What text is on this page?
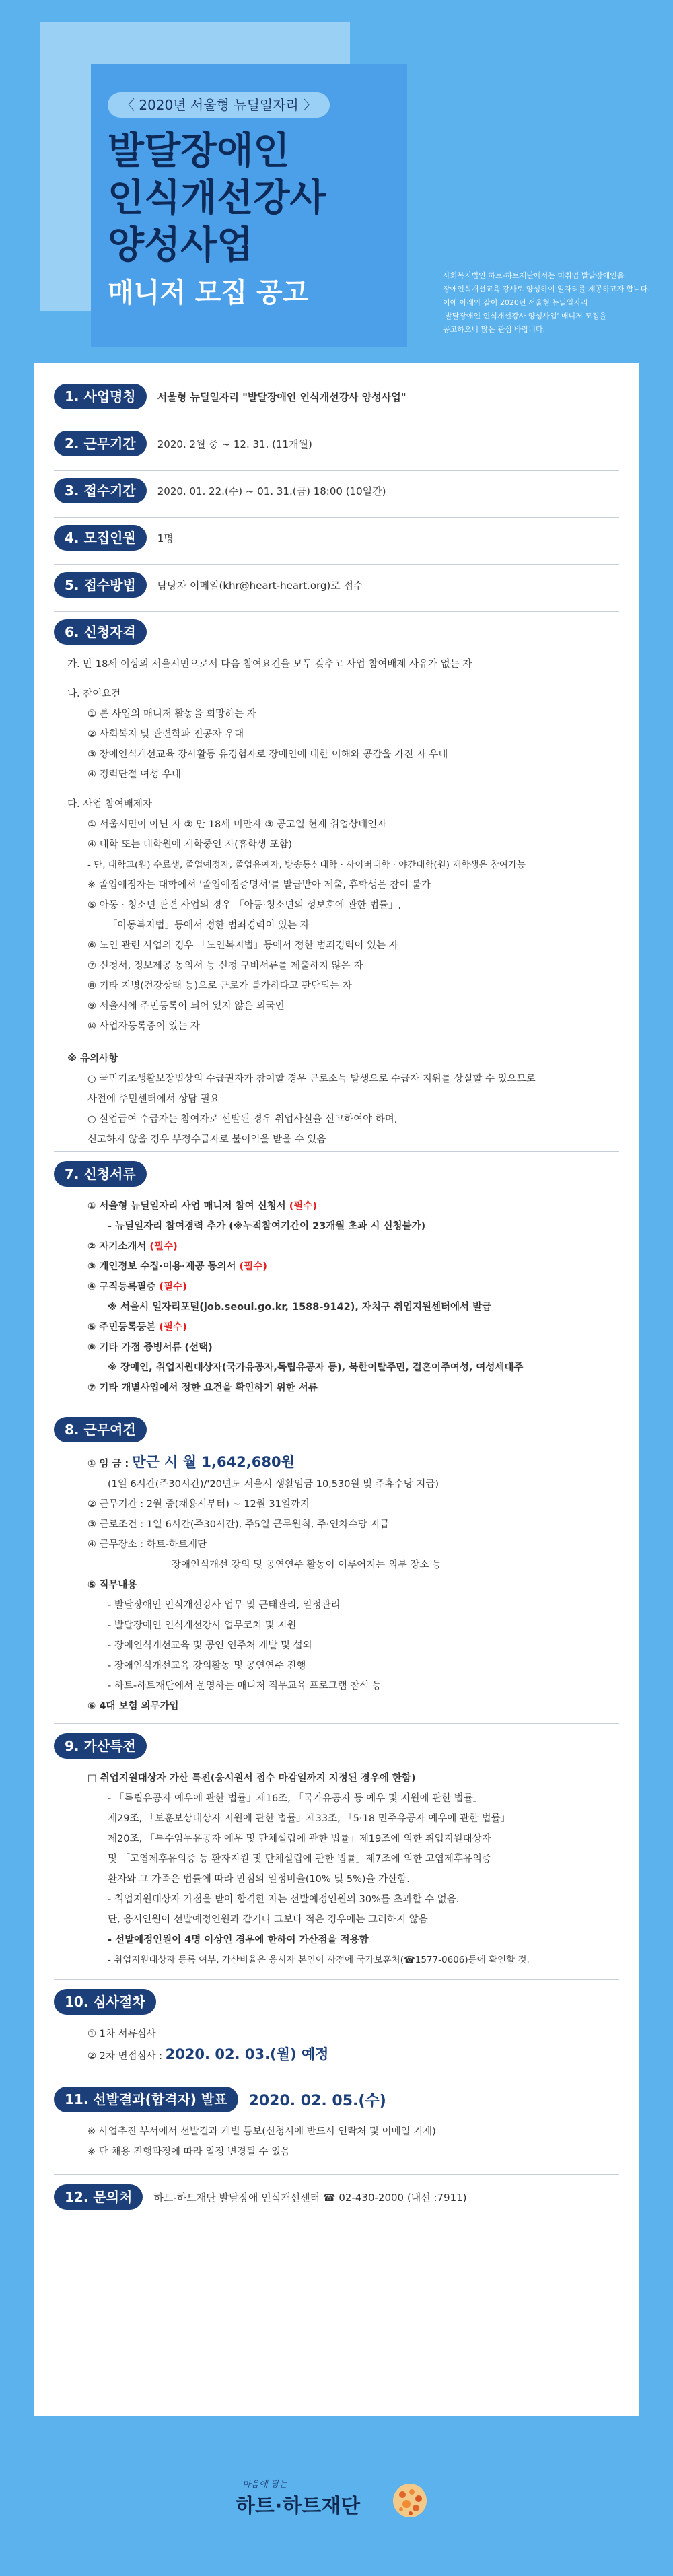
〈 2020년 서울형 뉴딜일자리 〉
발달장애인
인식개선강사
양성사업
매니저 모집 공고
사회복지법인 하트-하트재단에서는 미취업 발달장애인을
장애인식개선교육 강사로 양성하여 일자리를 제공하고자 합니다.
이에 아래와 같이 2020년 서울형 뉴딜일자리
'발달장애인 인식개선강사 양성사업' 매니저 모집을
공고하오니 많은 관심 바랍니다.
1. 사업명칭 서울형 뉴딜일자리 "발달장애인 인식개선강사 양성사업"
2. 근무기간 2020. 2월 중 ~ 12. 31. (11개월)
3. 접수기간 2020. 01. 22.(수) ~ 01. 31.(금) 18:00 (10일간)
4. 모집인원 1명
5. 접수방법 담당자 이메일(khr@heart-heart.org)로 접수
6. 신청자격
가. 만 18세 이상의 서울시민으로서 다음 참여요건을 모두 갖추고 사업 참여배제 사유가 없는 자
나. 참여요건
① 본 사업의 매니저 활동을 희망하는 자
② 사회복지 및 관련학과 전공자 우대
③ 장애인식개선교육 강사활동 유경험자로 장애인에 대한 이해와 공감을 가진 자 우대
④ 경력단절 여성 우대
다. 사업 참여배제자
① 서울시민이 아닌 자 ② 만 18세 미만자 ③ 공고일 현재 취업상태인자
④ 대학 또는 대학원에 재학중인 자(휴학생 포함)
- 단, 대학교(원) 수료생, 졸업예정자, 졸업유예자, 방송통신대학 · 사이버대학 · 야간대학(원) 재학생은 참여가능
※ 졸업예정자는 대학에서 '졸업예정증명서'를 발급받아 제출, 휴학생은 참여 불가
⑤ 아동 · 청소년 관련 사업의 경우 「아동·청소년의 성보호에 관한 법률」,
「아동복지법」등에서 정한 범죄경력이 있는 자
⑥ 노인 관련 사업의 경우 「노인복지법」등에서 정한 범죄경력이 있는 자
⑦ 신청서, 정보제공 동의서 등 신청 구비서류를 제출하지 않은 자
⑧ 기타 지병(건강상태 등)으로 근로가 불가하다고 판단되는 자
⑨ 서울시에 주민등록이 되어 있지 않은 외국인
⑩ 사업자등록증이 있는 자
※ 유의사항
○ 국민기초생활보장법상의 수급권자가 참여할 경우 근로소득 발생으로 수급자 지위를 상실할 수 있으므로
사전에 주민센터에서 상담 필요
○ 실업급여 수급자는 참여자로 선발된 경우 취업사실을 신고하여야 하며,
신고하지 않을 경우 부정수급자로 불이익을 받을 수 있음
7. 신청서류
① 서울형 뉴딜일자리 사업 매니저 참여 신청서 (필수)
- 뉴딜일자리 참여경력 추가 (※누적참여기간이 23개월 초과 시 신청불가)
② 자기소개서 (필수)
③ 개인정보 수집·이용·제공 동의서 (필수)
④ 구직등록필증 (필수)
※ 서울시 일자리포털(job.seoul.go.kr, 1588-9142), 자치구 취업지원센터에서 발급
⑤ 주민등록등본 (필수)
⑥ 기타 가점 증빙서류 (선택)
※ 장애인, 취업지원대상자(국가유공자,독립유공자 등), 북한이탈주민, 결혼이주여성, 여성세대주
⑦ 기타 개별사업에서 정한 요건을 확인하기 위한 서류
8. 근무여건
① 임 금 : 만근 시 월 1,642,680원
(1일 6시간(주30시간)/'20년도 서울시 생활임금 10,530원 및 주휴수당 지급)
② 근무기간 : 2월 중(채용시부터) ~ 12월 31일까지
③ 근로조건 : 1일 6시간(주30시간), 주5일 근무원칙, 주·연차수당 지급
④ 근무장소 : 하트-하트재단
장애인식개선 강의 및 공연연주 활동이 이루어지는 외부 장소 등
⑤ 직무내용
- 발달장애인 인식개선강사 업무 및 근태관리, 일정관리
- 발달장애인 인식개선강사 업무코치 및 지원
- 장애인식개선교육 및 공연 연주처 개발 및 섭외
- 장애인식개선교육 강의활동 및 공연연주 진행
- 하트-하트재단에서 운영하는 매니저 직무교육 프로그램 참석 등
⑥ 4대 보험 의무가입
9. 가산특전
□ 취업지원대상자 가산 특전(응시원서 접수 마감일까지 지정된 경우에 한함)
- 「독립유공자 예우에 관한 법률」제16조, 「국가유공자 등 예우 및 지원에 관한 법률」
제29조, 「보훈보상대상자 지원에 관한 법률」제33조, 「5·18 민주유공자 예우에 관한 법률」
제20조, 「특수임무유공자 예우 및 단체설립에 관한 법률」제19조에 의한 취업지원대상자
및 「고엽제후유의증 등 환자지원 및 단체설립에 관한 법률」제7조에 의한 고엽제후유의증
환자와 그 가족은 법률에 따라 만점의 일정비율(10% 및 5%)을 가산함.
- 취업지원대상자 가점을 받아 합격한 자는 선발예정인원의 30%를 초과할 수 없음.
단, 응시인원이 선발예정인원과 같거나 그보다 적은 경우에는 그러하지 않음
- 선발예정인원이 4명 이상인 경우에 한하여 가산점을 적용함
- 취업지원대상자 등록 여부, 가산비율은 응시자 본인이 사전에 국가보훈처(☎1577-0606)등에 확인할 것.
10. 심사절차
① 1차 서류심사
② 2차 면접심사 : 2020. 02. 03.(월) 예정
11. 선발결과(합격자) 발표 2020. 02. 05.(수)
※ 사업추진 부서에서 선발결과 개별 통보(신청시에 반드시 연락처 및 이메일 기재)
※ 단 채용 진행과정에 따라 일정 변경될 수 있음
12. 문의처 하트-하트재단 발달장애 인식개선센터 ☎ 02-430-2000 (내선 :7911)
마음에 닿는
하트·하트재단
